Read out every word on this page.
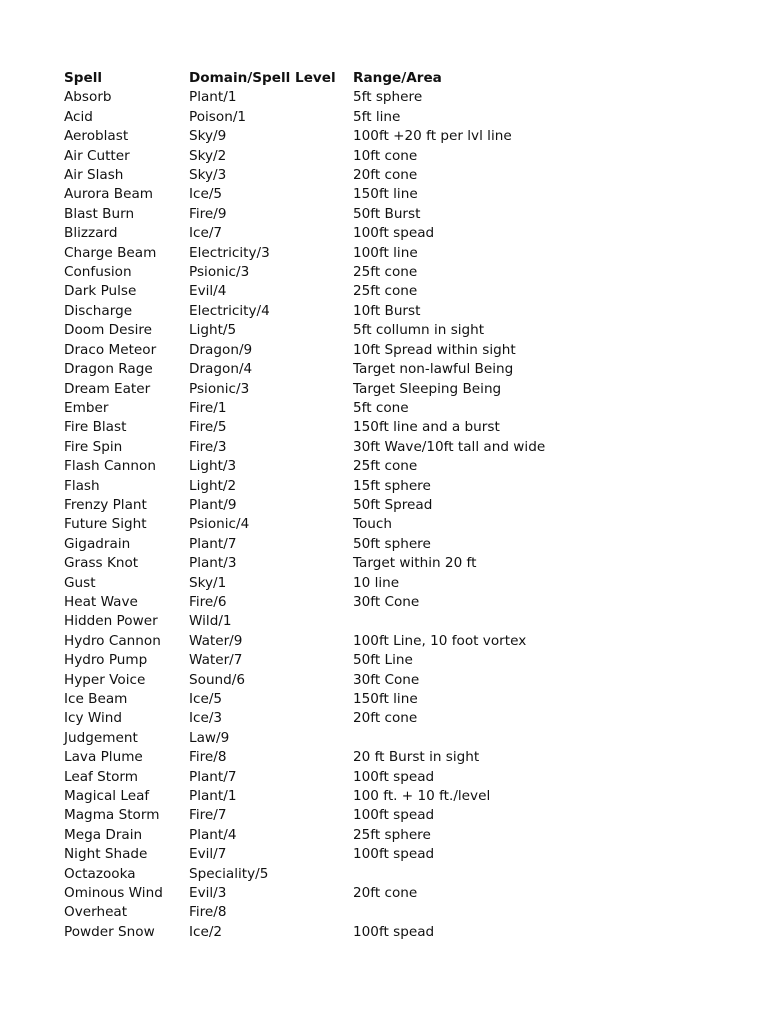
Spell	Domain/Spell Level	Range/Area
Absorb	Plant/1	5ft sphere
Acid	Poison/1	5ft line
Aeroblast	Sky/9	100ft +20 ft per lvl line
Air Cutter	Sky/2	10ft cone
Air Slash	Sky/3	20ft cone
Aurora Beam	Ice/5	150ft line
Blast Burn	Fire/9	50ft Burst
Blizzard	Ice/7	100ft spead
Charge Beam	Electricity/3	100ft line
Confusion	Psionic/3	25ft cone
Dark Pulse	Evil/4	25ft cone
Discharge	Electricity/4	10ft Burst
Doom Desire	Light/5	5ft collumn in sight
Draco Meteor	Dragon/9	10ft Spread within sight
Dragon Rage	Dragon/4	Target non-lawful Being
Dream Eater	Psionic/3	Target Sleeping Being
Ember	Fire/1	5ft cone
Fire Blast	Fire/5	150ft line and a burst
Fire Spin	Fire/3	30ft Wave/10ft tall and wide
Flash Cannon	Light/3	25ft cone
Flash	Light/2	15ft sphere
Frenzy Plant	Plant/9	50ft Spread
Future Sight	Psionic/4	Touch
Gigadrain	Plant/7	50ft sphere
Grass Knot	Plant/3	Target within 20 ft
Gust	Sky/1	10 line
Heat Wave	Fire/6	30ft Cone
Hidden Power	Wild/1	
Hydro Cannon	Water/9	100ft Line, 10 foot vortex
Hydro Pump	Water/7	50ft Line
Hyper Voice	Sound/6	30ft Cone
Ice Beam	Ice/5	150ft line
Icy Wind	Ice/3	20ft cone
Judgement	Law/9	
Lava Plume	Fire/8	20 ft Burst in sight
Leaf Storm	Plant/7	100ft spead
Magical Leaf	Plant/1	100 ft. + 10 ft./level
Magma Storm	Fire/7	100ft spead
Mega Drain	Plant/4	25ft sphere
Night Shade	Evil/7	100ft spead
Octazooka	Speciality/5	
Ominous Wind	Evil/3	20ft cone
Overheat	Fire/8	
Powder Snow	Ice/2	100ft spead
